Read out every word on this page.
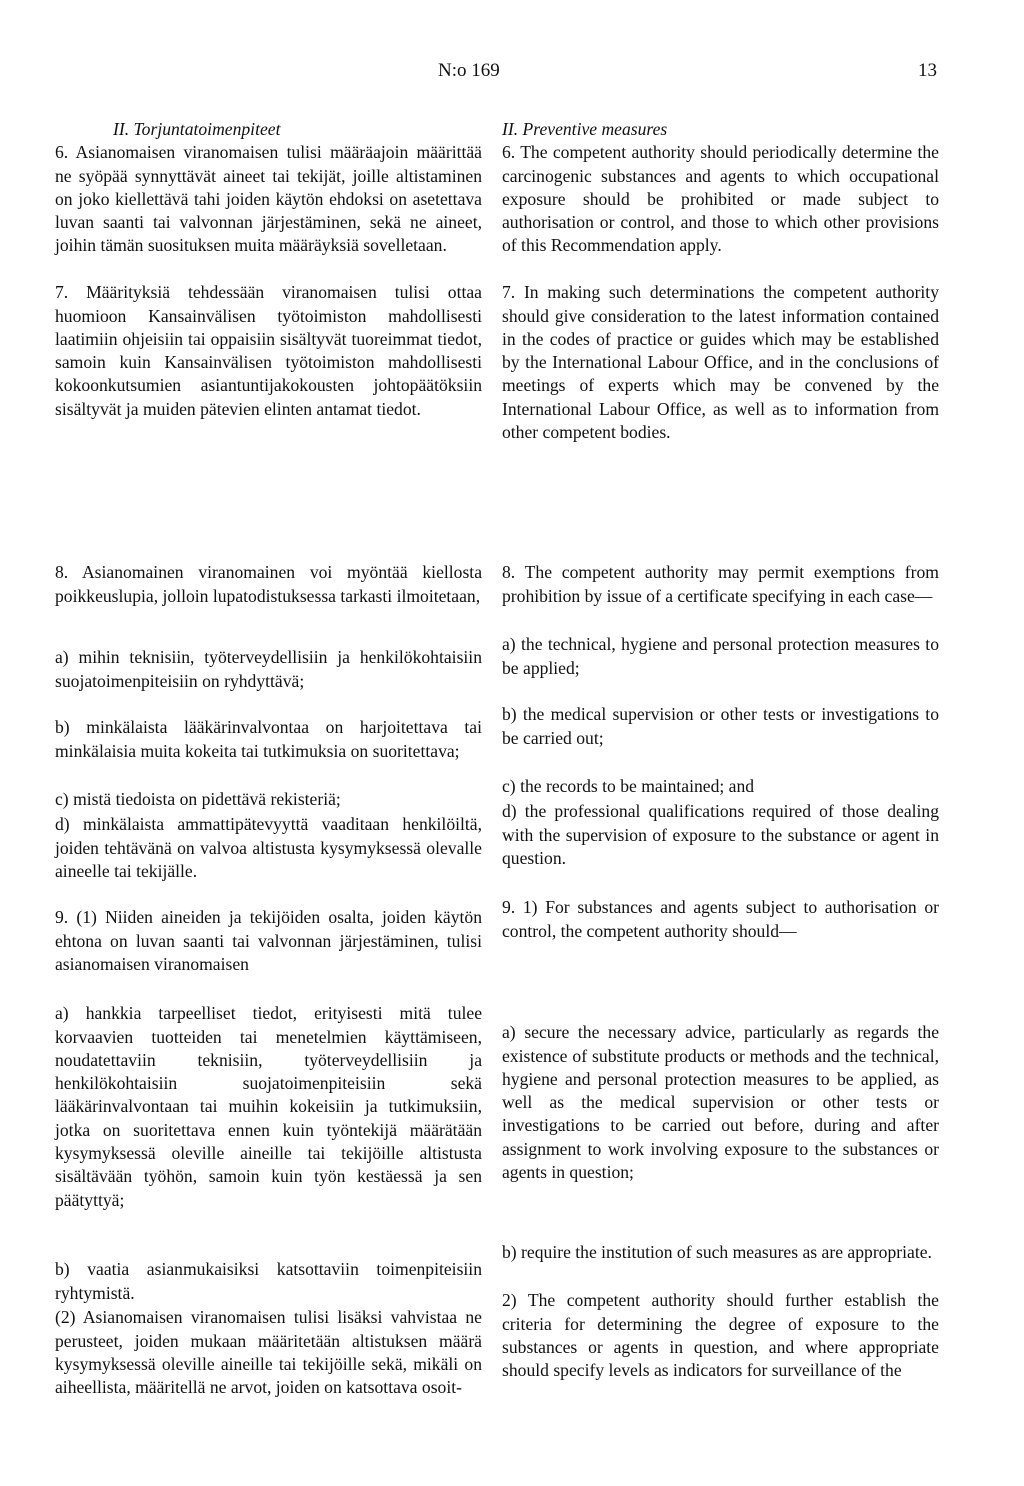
N:o 169	13

II. Torjuntatoimenpiteet

6. Asianomaisen viranomaisen tulisi määräajoin määrittää ne syöpää synnyttävät aineet tai tekijät, joille altistaminen on joko kiellettävä tahi joiden käytön ehdoksi on asetettava luvan saanti tai valvonnan järjestäminen, sekä ne aineet, joihin tämän suosituksen muita määräyksiä sovelletaan.

7. Määrityksiä tehdessään viranomaisen tulisi ottaa huomioon Kansainvälisen työtoimiston mahdollisesti laatimiin ohjeisiin tai oppaisiin sisältyvät tuoreimmat tiedot, samoin kuin Kansainvälisen työtoimiston mahdollisesti kokoonkutsumien asiantuntijakokousten johtopäätöksiin sisältyvät ja muiden pätevien elinten antamat tiedot.

8. Asianomainen viranomainen voi myöntää kiellosta poikkeuslupia, jolloin lupatodistuksessa tarkasti ilmoitetaan,

a) mihin teknisiin, työterveydellisiin ja henkilökohtaisiin suojatoimenpiteisiin on ryhdyttävä;

b) minkälaista lääkärinvalvontaa on harjoitettava tai minkälaisia muita kokeita tai tutkimuksia on suoritettava;

c) mistä tiedoista on pidettävä rekisteriä;

d) minkälaista ammattipätevyyttä vaaditaan henkilöiltä, joiden tehtävänä on valvoa altistusta kysymyksessä olevalle aineelle tai tekijälle.

9. (1) Niiden aineiden ja tekijöiden osalta, joiden käytön ehtona on luvan saanti tai valvonnan järjestäminen, tulisi asianomaisen viranomaisen

a) hankkia tarpeelliset tiedot, erityisesti mitä tulee korvaavien tuotteiden tai menetelmien käyttämiseen, noudatettaviin teknisiin, työterveydellisiin ja henkilökohtaisiin suojatoimenpiteisiin sekä lääkärinvalvontaan tai muihin kokeisiin ja tutkimuksiin, jotka on suoritettava ennen kuin työntekijä määrätään kysymyksessä oleville aineille tai tekijöille altistusta sisältävään työhön, samoin kuin työn kestäessä ja sen päätyttyä;

b) vaatia asianmukaisiksi katsottaviin toimenpiteisiin ryhtymistä.

(2) Asianomaisen viranomaisen tulisi lisäksi vahvistaa ne perusteet, joiden mukaan määritetään altistuksen määrä kysymyksessä oleville aineille tai tekijöille sekä, mikäli on aiheellista, määritellä ne arvot, joiden on katsottava osoit-

II. Preventive measures

6. The competent authority should periodically determine the carcinogenic substances and agents to which occupational exposure should be prohibited or made subject to authorisation or control, and those to which other provisions of this Recommendation apply.

7. In making such determinations the competent authority should give consideration to the latest information contained in the codes of practice or guides which may be established by the International Labour Office, and in the conclusions of meetings of experts which may be convened by the International Labour Office, as well as to information from other competent bodies.

8. The competent authority may permit exemptions from prohibition by issue of a certificate specifying in each case—

a) the technical, hygiene and personal protection measures to be applied;

b) the medical supervision or other tests or investigations to be carried out;

c) the records to be maintained; and

d) the professional qualifications required of those dealing with the supervision of exposure to the substance or agent in question.

9. 1) For substances and agents subject to authorisation or control, the competent authority should—

a) secure the necessary advice, particularly as regards the existence of substitute products or methods and the technical, hygiene and personal protection measures to be applied, as well as the medical supervision or other tests or investigations to be carried out before, during and after assignment to work involving exposure to the substances or agents in question;

b) require the institution of such measures as are appropriate.

2) The competent authority should further establish the criteria for determining the degree of exposure to the substances or agents in question, and where appropriate should specify levels as indicators for surveillance of the
